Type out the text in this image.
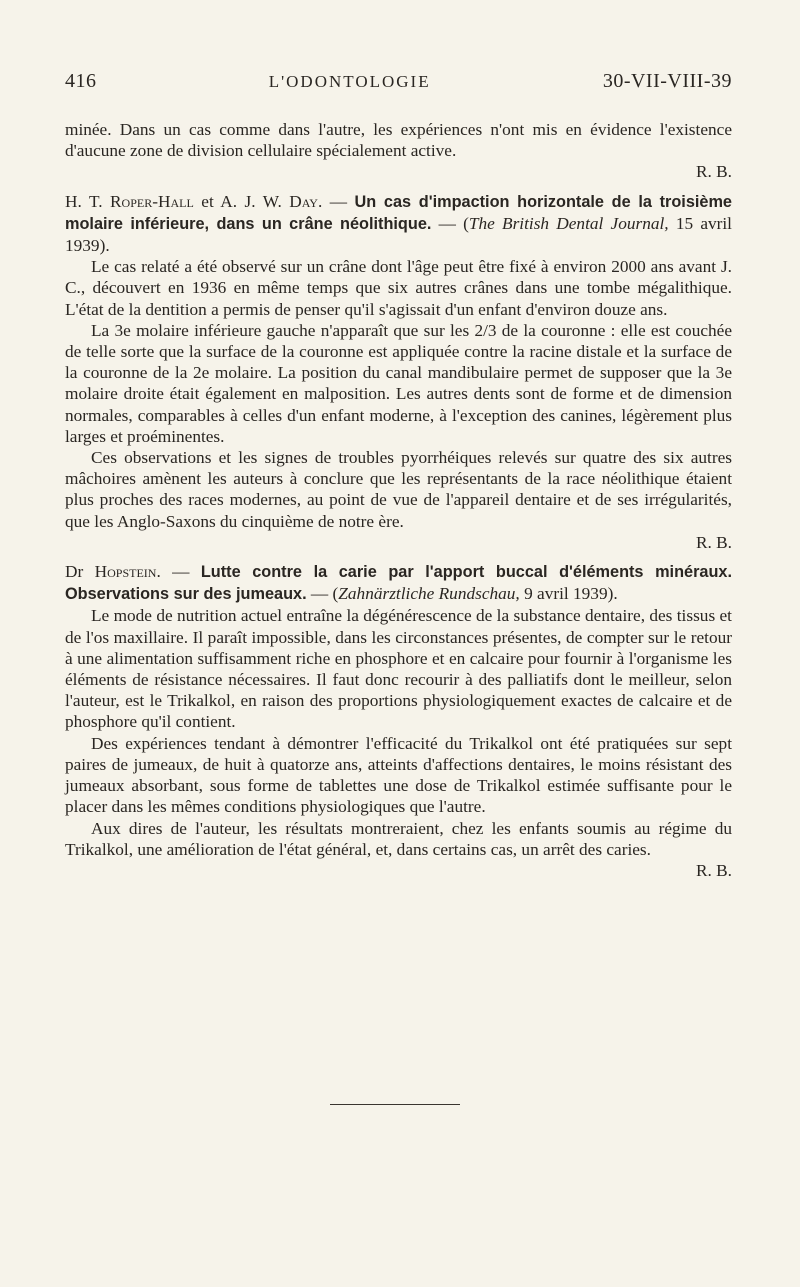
416	L'ODONTOLOGIE	30-VII-VIII-39

minée. Dans un cas comme dans l'autre, les expériences n'ont mis en évidence l'existence d'aucune zone de division cellulaire spécialement active.

R. B.

H. T. Roper-Hall et A. J. W. Day. — Un cas d'impaction horizontale de la troisième molaire inférieure, dans un crâne néolithique. — (The British Dental Journal, 15 avril 1939).

Le cas relaté a été observé sur un crâne dont l'âge peut être fixé à environ 2000 ans avant J. C., découvert en 1936 en même temps que six autres crânes dans une tombe mégalithique. L'état de la dentition a permis de penser qu'il s'agissait d'un enfant d'environ douze ans.

La 3e molaire inférieure gauche n'apparaît que sur les 2/3 de la couronne : elle est couchée de telle sorte que la surface de la couronne est appliquée contre la racine distale et la surface de la couronne de la 2e molaire. La position du canal mandibulaire permet de supposer que la 3e molaire droite était également en malposition. Les autres dents sont de forme et de dimension normales, comparables à celles d'un enfant moderne, à l'exception des canines, légèrement plus larges et proéminentes.

Ces observations et les signes de troubles pyorrhéiques relevés sur quatre des six autres mâchoires amènent les auteurs à conclure que les représentants de la race néolithique étaient plus proches des races modernes, au point de vue de l'appareil dentaire et de ses irrégularités, que les Anglo-Saxons du cinquième de notre ère.

R. B.

Dr Hopstein. — Lutte contre la carie par l'apport buccal d'éléments minéraux. Observations sur des jumeaux. — (Zahnärztliche Rundschau, 9 avril 1939).

Le mode de nutrition actuel entraîne la dégénérescence de la substance dentaire, des tissus et de l'os maxillaire. Il paraît impossible, dans les circonstances présentes, de compter sur le retour à une alimentation suffisamment riche en phosphore et en calcaire pour fournir à l'organisme les éléments de résistance nécessaires. Il faut donc recourir à des palliatifs dont le meilleur, selon l'auteur, est le Trikalkol, en raison des proportions physiologiquement exactes de calcaire et de phosphore qu'il contient.

Des expériences tendant à démontrer l'efficacité du Trikalkol ont été pratiquées sur sept paires de jumeaux, de huit à quatorze ans, atteints d'affections dentaires, le moins résistant des jumeaux absorbant, sous forme de tablettes une dose de Trikalkol estimée suffisante pour le placer dans les mêmes conditions physiologiques que l'autre.

Aux dires de l'auteur, les résultats montreraient, chez les enfants soumis au régime du Trikalkol, une amélioration de l'état général, et, dans certains cas, un arrêt des caries.

R. B.
